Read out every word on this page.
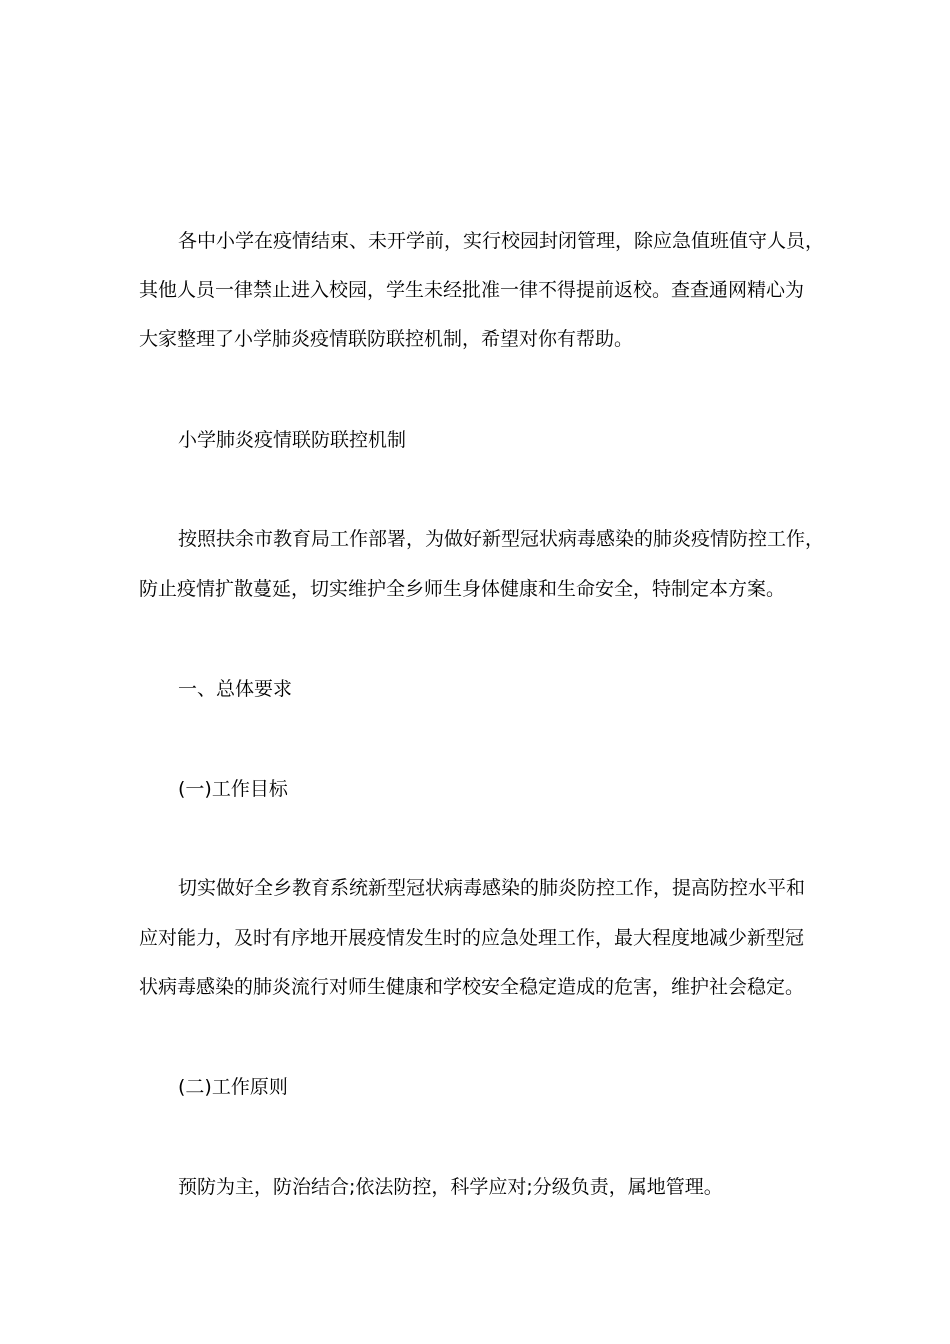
各中小学在疫情结束、未开学前，实行校园封闭管理，除应急值班值守人员，
其他人员一律禁止进入校园，学生未经批准一律不得提前返校。查查通网精心为
大家整理了小学肺炎疫情联防联控机制，希望对你有帮助。
小学肺炎疫情联防联控机制
按照扶余市教育局工作部署，为做好新型冠状病毒感染的肺炎疫情防控工作，
防止疫情扩散蔓延，切实维护全乡师生身体健康和生命安全，特制定本方案。
一、总体要求
(一)工作目标
切实做好全乡教育系统新型冠状病毒感染的肺炎防控工作，提高防控水平和
应对能力，及时有序地开展疫情发生时的应急处理工作，最大程度地减少新型冠
状病毒感染的肺炎流行对师生健康和学校安全稳定造成的危害，维护社会稳定。
(二)工作原则
预防为主，防治结合;依法防控，科学应对;分级负责，属地管理。
